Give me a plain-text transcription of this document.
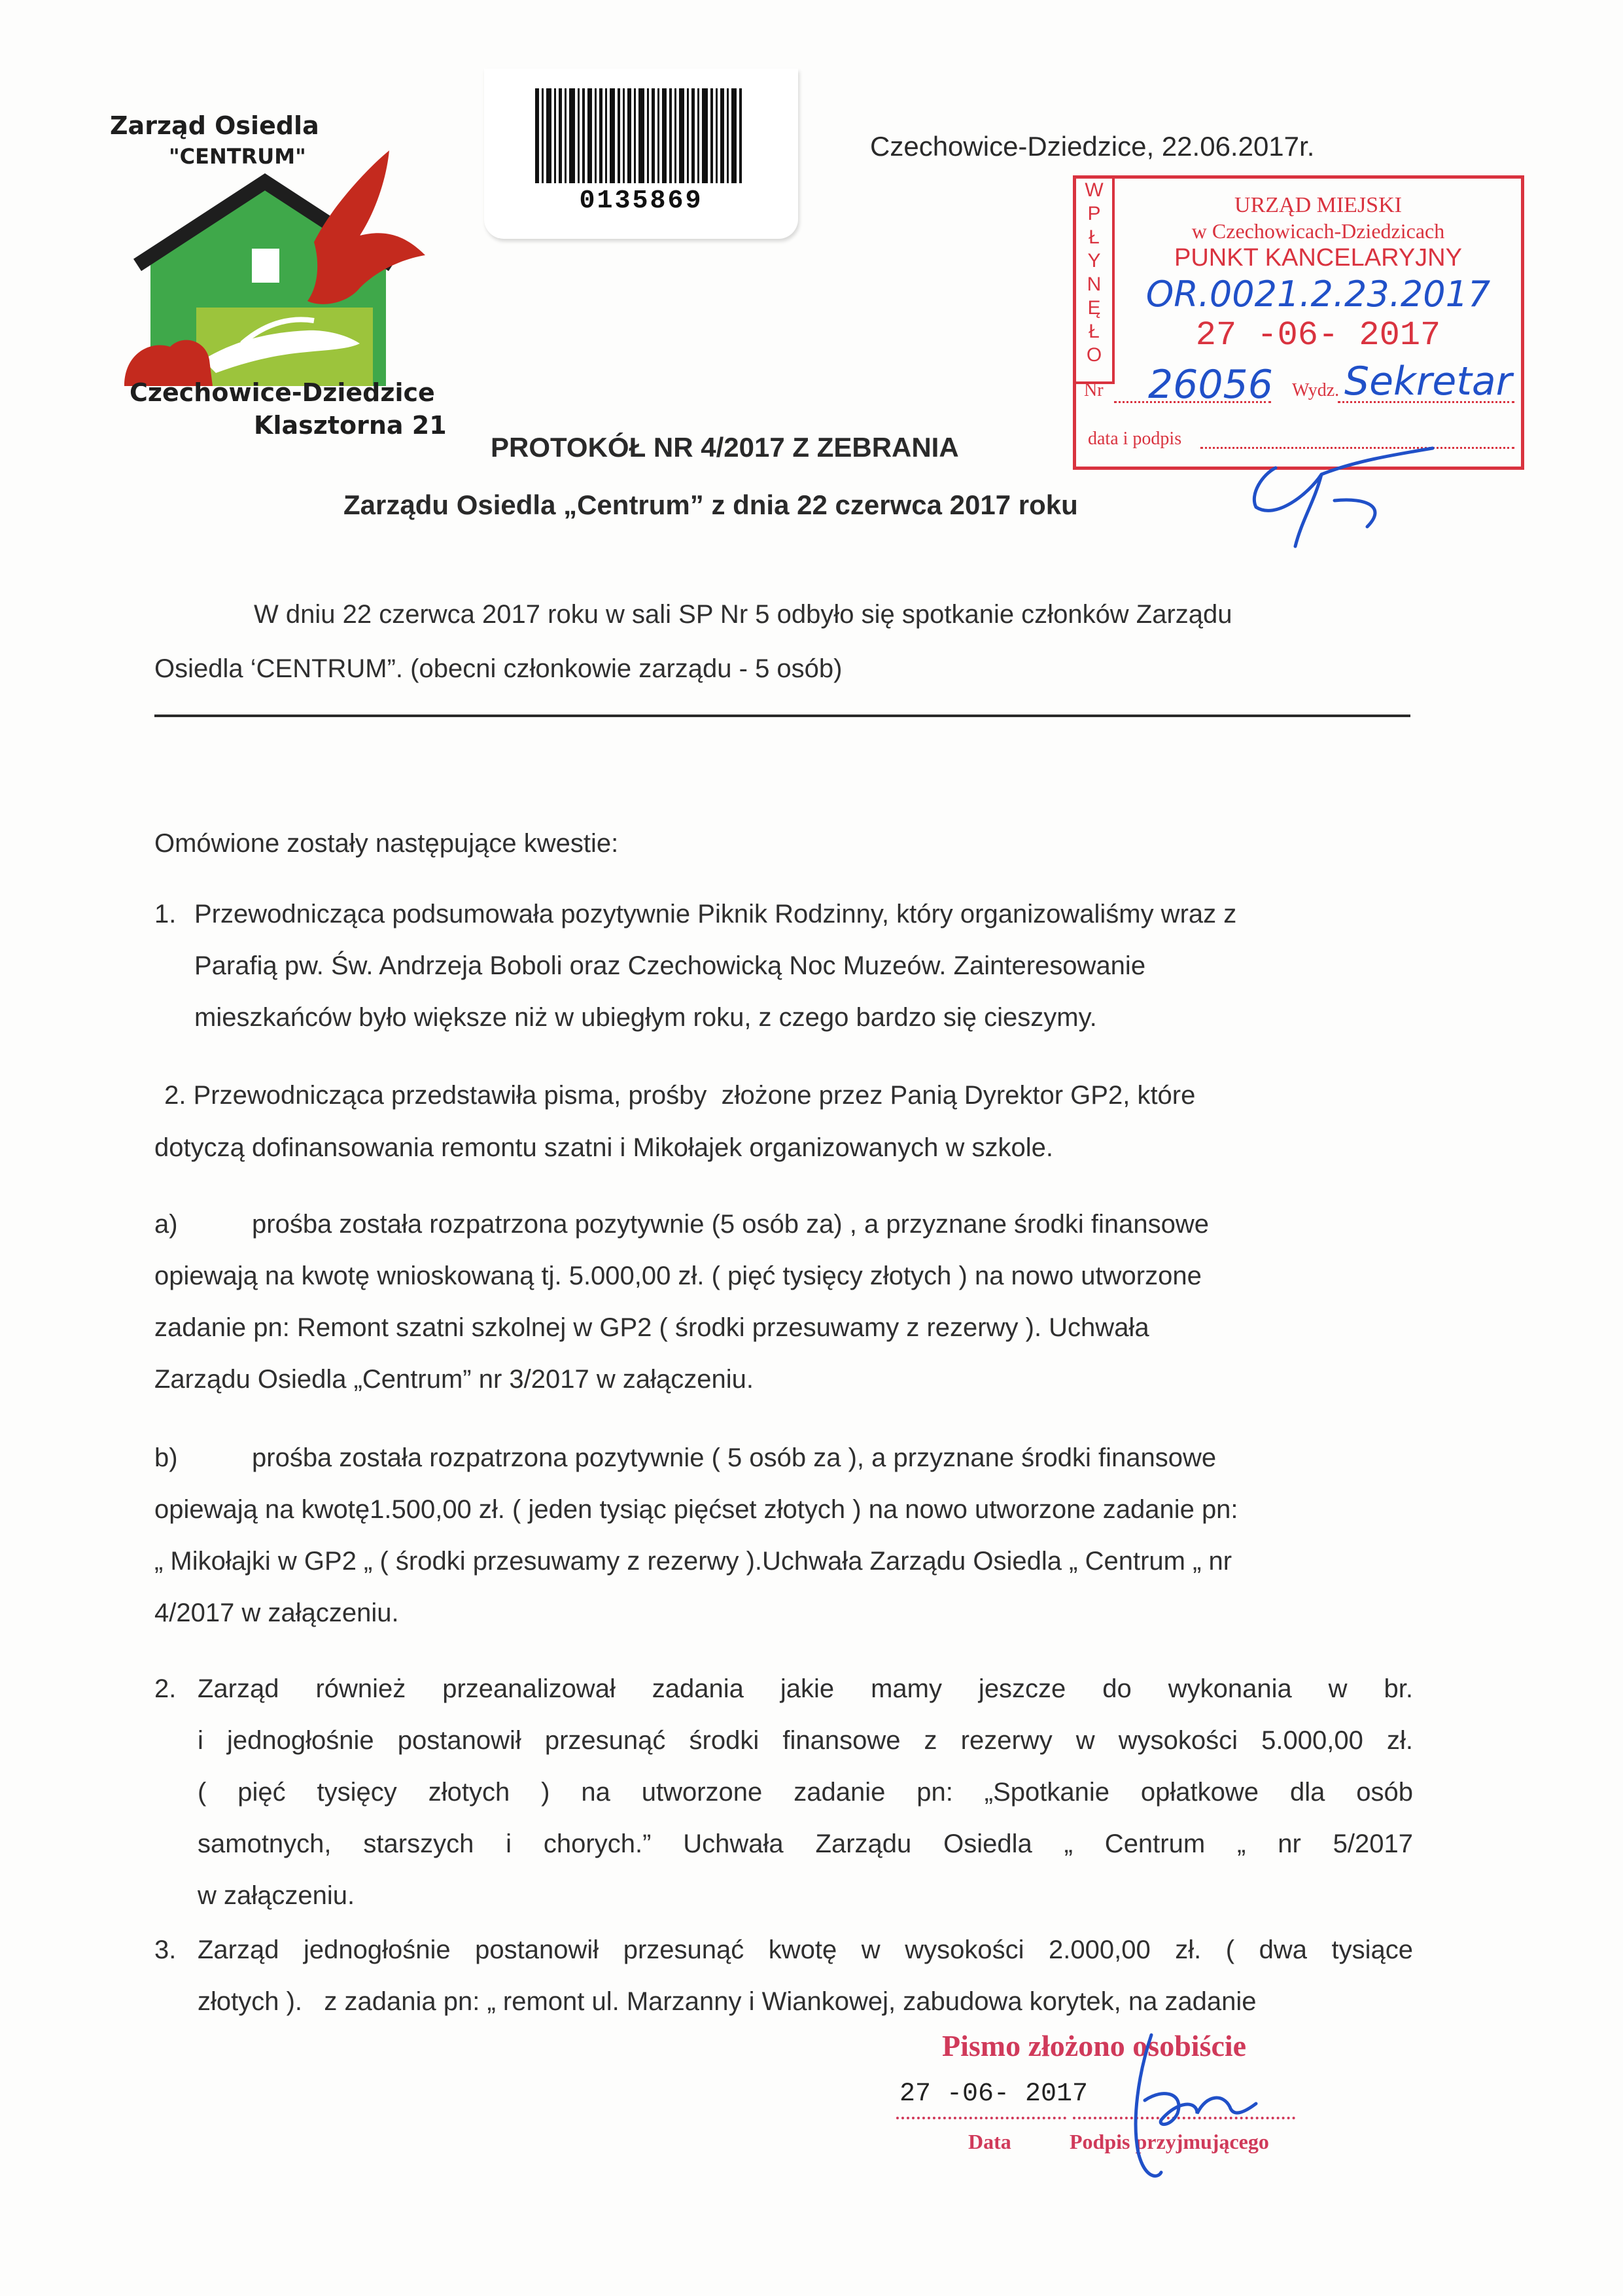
Zarząd Osiedla
"CENTRUM"
Czechowice-Dziedzice
Klasztorna 21
0135869
Czechowice-Dziedzice, 22.06.2017r.
PROTOKÓŁ NR 4/2017 Z ZEBRANIA
Zarządu Osiedla „Centrum” z dnia 22 czerwca 2017 roku
W
P
Ł
Y
N
Ę
Ł
O
URZĄD MIEJSKI
w Czechowicach-Dziedzicach
PUNKT KANCELARYJNY
OR.0021.2.23.2017
27 -06- 2017
Nr 26056 Wydz. Sekretar
data i podpis
W dniu 22 czerwca 2017 roku w sali SP Nr 5 odbyło się spotkanie członków Zarządu
Osiedla ‘CENTRUM”. (obecni członkowie zarządu - 5 osób)
Omówione zostały następujące kwestie:
1. Przewodnicząca podsumowała pozytywnie Piknik Rodzinny, który organizowaliśmy wraz z
Parafią pw. Św. Andrzeja Boboli oraz Czechowicką Noc Muzeów. Zainteresowanie
mieszkańców było większe niż w ubiegłym roku, z czego bardzo się cieszymy.
2. Przewodnicząca przedstawiła pisma, prośby  złożone przez Panią Dyrektor GP2, które
dotyczą dofinansowania remontu szatni i Mikołajek organizowanych w szkole.
a)	prośba została rozpatrzona pozytywnie (5 osób za) , a przyznane środki finansowe
opiewają na kwotę wnioskowaną tj. 5.000,00 zł. ( pięć tysięcy złotych ) na nowo utworzone
zadanie pn: Remont szatni szkolnej w GP2 ( środki przesuwamy z rezerwy ). Uchwała
Zarządu Osiedla „Centrum” nr 3/2017 w załączeniu.
b)	prośba została rozpatrzona pozytywnie ( 5 osób za ), a przyznane środki finansowe
opiewają na kwotę1.500,00 zł. ( jeden tysiąc pięćset złotych ) na nowo utworzone zadanie pn:
„ Mikołajki w GP2 „ ( środki przesuwamy z rezerwy ).Uchwała Zarządu Osiedla „ Centrum „ nr
4/2017 w załączeniu.
2. Zarząd również przeanalizował zadania jakie mamy jeszcze do wykonania w br.
i jednogłośnie postanowił przesunąć środki finansowe z rezerwy w wysokości 5.000,00 zł.
( pięć tysięcy złotych ) na utworzone zadanie pn: „Spotkanie opłatkowe dla osób
samotnych, starszych i chorych.” Uchwała Zarządu Osiedla „ Centrum „ nr 5/2017
w załączeniu.
3. Zarząd jednogłośnie postanowił przesunąć kwotę w wysokości 2.000,00 zł. ( dwa tysiące
złotych ).   z zadania pn: „ remont ul. Marzanny i Wiankowej, zabudowa korytek, na zadanie
Pismo złożono osobiście
27 -06- 2017
Data	Podpis przyjmującego
